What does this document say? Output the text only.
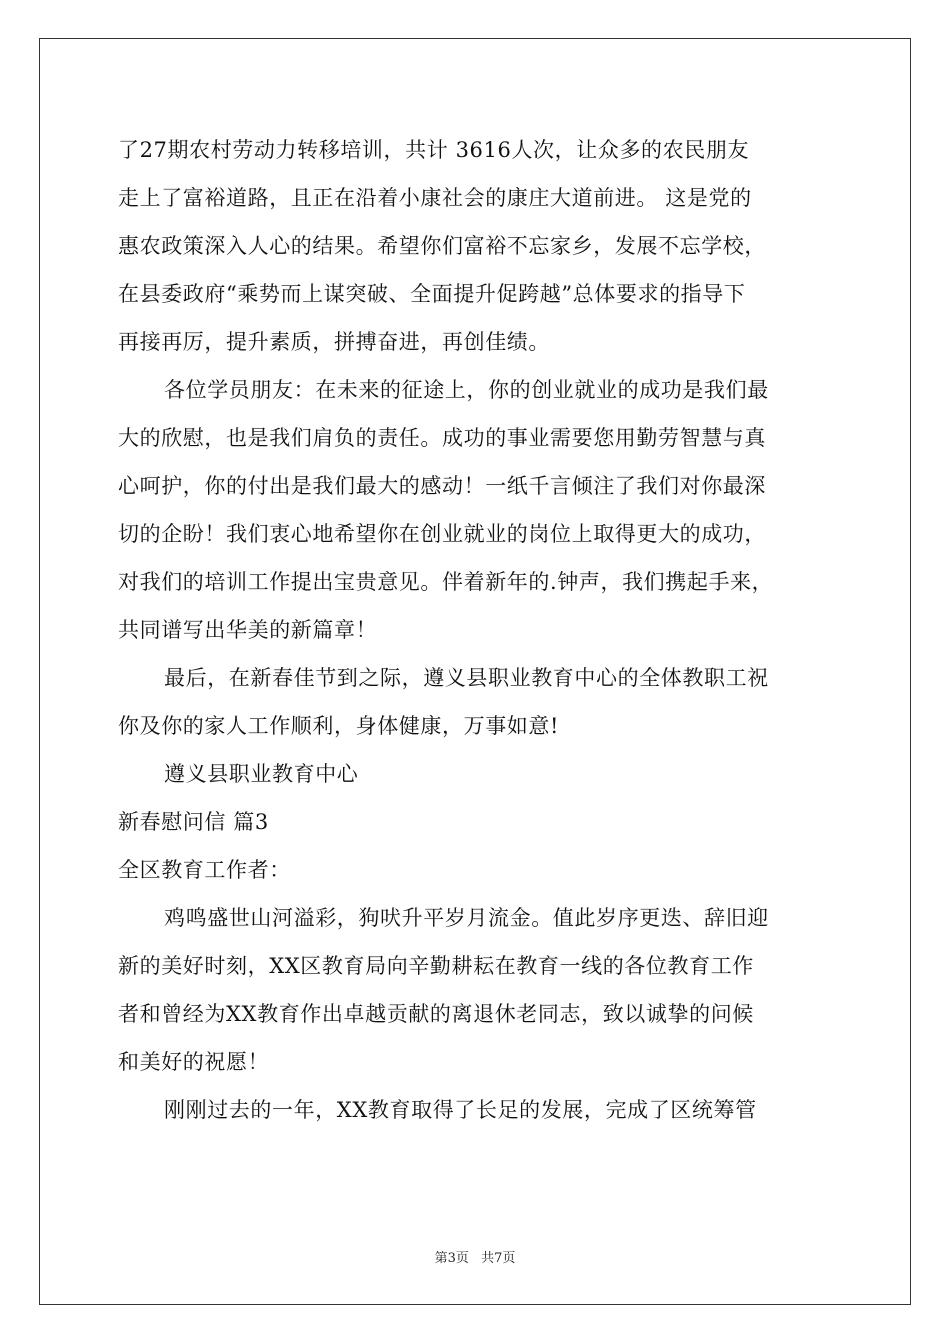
了27期农村劳动力转移培训，共计 3616人次，让众多的农民朋友
走上了富裕道路，且正在沿着小康社会的康庄大道前进。 这是党的
惠农政策深入人心的结果。希望你们富裕不忘家乡，发展不忘学校，
在县委政府“乘势而上谋突破、全面提升促跨越”总体要求的指导下
再接再厉，提升素质，拼搏奋进，再创佳绩。
各位学员朋友：在未来的征途上，你的创业就业的成功是我们最
大的欣慰，也是我们肩负的责任。成功的事业需要您用勤劳智慧与真
心呵护，你的付出是我们最大的感动！一纸千言倾注了我们对你最深
切的企盼！我们衷心地希望你在创业就业的岗位上取得更大的成功，
对我们的培训工作提出宝贵意见。伴着新年的.钟声，我们携起手来，
共同谱写出华美的新篇章！
最后，在新春佳节到之际，遵义县职业教育中心的全体教职工祝
你及你的家人工作顺利，身体健康，万事如意!
遵义县职业教育中心
新春慰问信 篇3
全区教育工作者：
鸡鸣盛世山河溢彩，狗吠升平岁月流金。值此岁序更迭、辞旧迎
新的美好时刻，XX区教育局向辛勤耕耘在教育一线的各位教育工作
者和曾经为XX教育作出卓越贡献的离退休老同志，致以诚挚的问候
和美好的祝愿！
刚刚过去的一年，XX教育取得了长足的发展，完成了区统筹管
第3页 共7页
